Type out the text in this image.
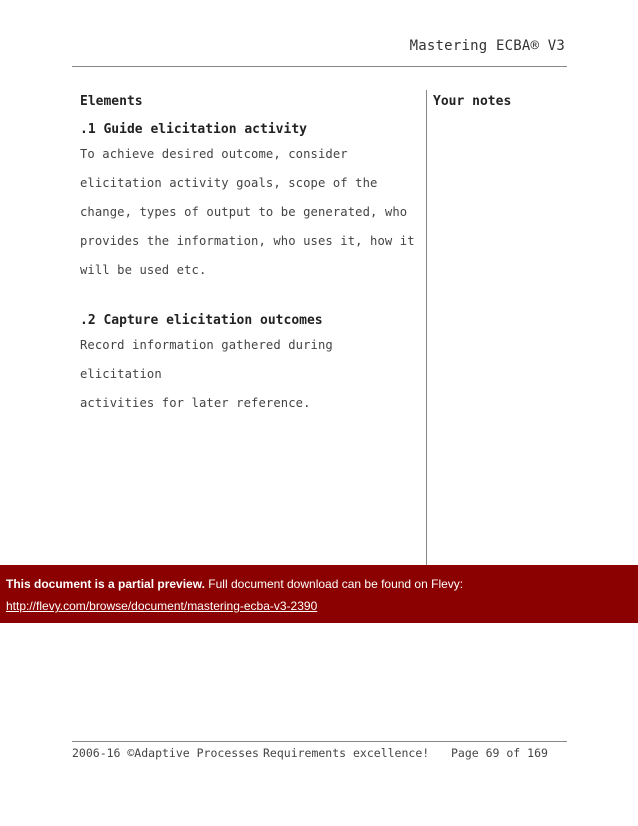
Mastering ECBA® V3
Elements	Your notes
.1 Guide elicitation activity
To achieve desired outcome, consider
elicitation activity goals, scope of the
change, types of output to be generated, who
provides the information, who uses it, how it
will be used etc.
.2 Capture elicitation outcomes
Record information gathered during elicitation
activities for later reference.
This document is a partial preview. Full document download can be found on Flevy:
http://flevy.com/browse/document/mastering-ecba-v3-2390
2006-16 ©Adaptive Processes Requirements excellence! Page 69 of 169
